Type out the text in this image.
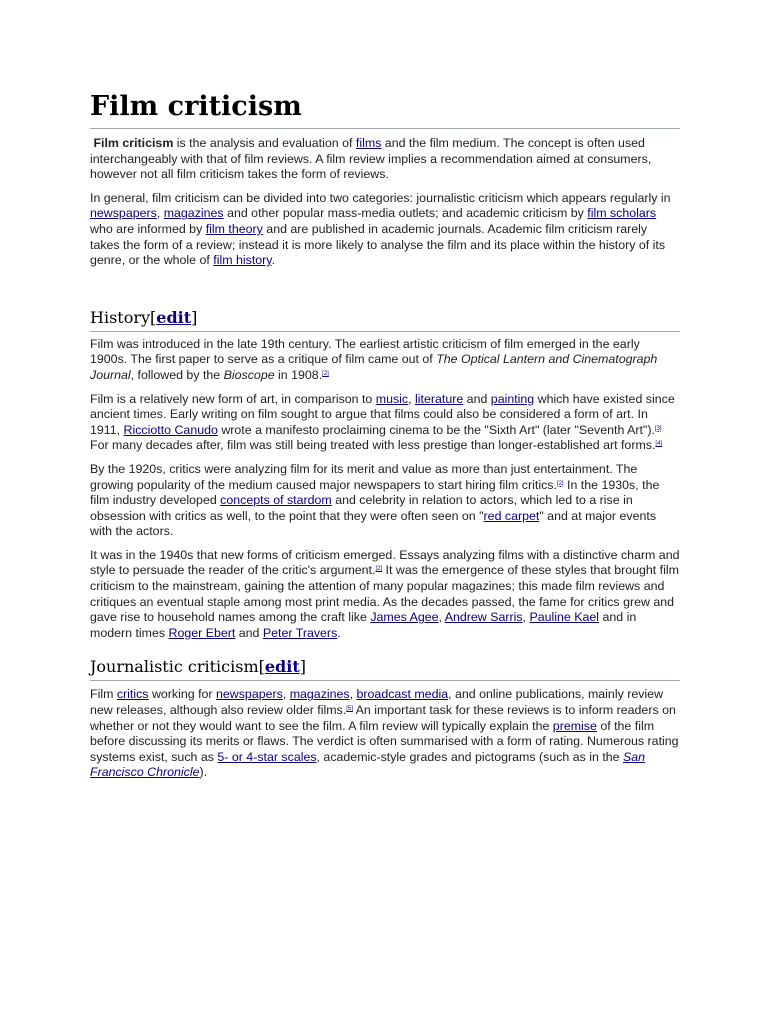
Film criticism

Film criticism is the analysis and evaluation of films and the film medium. The concept is often used interchangeably with that of film reviews. A film review implies a recommendation aimed at consumers, however not all film criticism takes the form of reviews.

In general, film criticism can be divided into two categories: journalistic criticism which appears regularly in newspapers, magazines and other popular mass-media outlets; and academic criticism by film scholars who are informed by film theory and are published in academic journals. Academic film criticism rarely takes the form of a review; instead it is more likely to analyse the film and its place within the history of its genre, or the whole of film history.

History[edit]

Film was introduced in the late 19th century. The earliest artistic criticism of film emerged in the early 1900s. The first paper to serve as a critique of film came out of The Optical Lantern and Cinematograph Journal, followed by the Bioscope in 1908.[2]

Film is a relatively new form of art, in comparison to music, literature and painting which have existed since ancient times. Early writing on film sought to argue that films could also be considered a form of art. In 1911, Ricciotto Canudo wrote a manifesto proclaiming cinema to be the "Sixth Art" (later "Seventh Art").[3] For many decades after, film was still being treated with less prestige than longer-established art forms.[4]

By the 1920s, critics were analyzing film for its merit and value as more than just entertainment. The growing popularity of the medium caused major newspapers to start hiring film critics.[2] In the 1930s, the film industry developed concepts of stardom and celebrity in relation to actors, which led to a rise in obsession with critics as well, to the point that they were often seen on "red carpet" and at major events with the actors.

It was in the 1940s that new forms of criticism emerged. Essays analyzing films with a distinctive charm and style to persuade the reader of the critic's argument.[2] It was the emergence of these styles that brought film criticism to the mainstream, gaining the attention of many popular magazines; this made film reviews and critiques an eventual staple among most print media. As the decades passed, the fame for critics grew and gave rise to household names among the craft like James Agee, Andrew Sarris, Pauline Kael and in modern times Roger Ebert and Peter Travers.

Journalistic criticism[edit]

Film critics working for newspapers, magazines, broadcast media, and online publications, mainly review new releases, although also review older films.[5] An important task for these reviews is to inform readers on whether or not they would want to see the film. A film review will typically explain the premise of the film before discussing its merits or flaws. The verdict is often summarised with a form of rating. Numerous rating systems exist, such as 5- or 4-star scales, academic-style grades and pictograms (such as in the San Francisco Chronicle).
